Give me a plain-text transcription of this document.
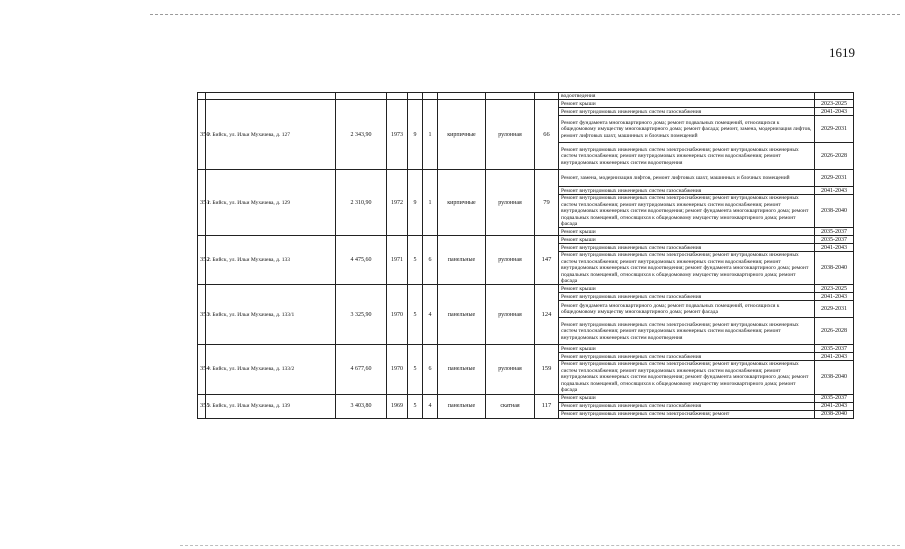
1619
									водоотведения	
350	г. Бийск, ул. Ильи Мухачева, д. 127	2 343,90	1973	9	1	кирпичные	рулонная	66	Ремонт крыши	2023-2025
									Ремонт внутридомовых инженерных систем газоснабжения	2041-2043
									Ремонт фундамента многоквартирного дома; ремонт подвальных помещений, относящихся к общедомовому имуществу многоквартирного дома; ремонт фасада; ремонт, замена, модернизация лифтов, ремонт лифтовых шахт, машинных и блочных помещений	2029-2031
									Ремонт внутридомовых инженерных систем электроснабжения; ремонт внутридомовых инженерных систем теплоснабжения; ремонт внутридомовых инженерных систем водоснабжения; ремонт внутридомовых инженерных систем водоотведения	2026-2028
351	г. Бийск, ул. Ильи Мухачева, д. 129	2 310,90	1972	9	1	кирпичные	рулонная	79	Ремонт, замена, модернизация лифтов, ремонт лифтовых шахт, машинных и блочных помещений	2029-2031
									Ремонт внутридомовых инженерных систем газоснабжения	2041-2043
									Ремонт внутридомовых инженерных систем электроснабжения; ремонт внутридомовых инженерных систем теплоснабжения; ремонт внутридомовых инженерных систем водоснабжения; ремонт внутридомовых инженерных систем водоотведения; ремонт фундамента многоквартирного дома; ремонт подвальных помещений, относящихся к общедомовому имуществу многоквартирного дома; ремонт фасада	2038-2040
									Ремонт крыши	2035-2037
352	г. Бийск, ул. Ильи Мухачева, д. 133	4 475,60	1971	5	6	панельные	рулонная	147	Ремонт крыши	2035-2037
									Ремонт внутридомовых инженерных систем газоснабжения	2041-2043
									Ремонт внутридомовых инженерных систем электроснабжения; ремонт внутридомовых инженерных систем теплоснабжения; ремонт внутридомовых инженерных систем водоснабжения; ремонт внутридомовых инженерных систем водоотведения; ремонт фундамента многоквартирного дома; ремонт подвальных помещений, относящихся к общедомовому имуществу многоквартирного дома; ремонт фасада	2038-2040
353	г. Бийск, ул. Ильи Мухачева, д. 133/1	3 325,90	1970	5	4	панельные	рулонная	124	Ремонт крыши	2023-2025
									Ремонт внутридомовых инженерных систем газоснабжения	2041-2043
									Ремонт фундамента многоквартирного дома; ремонт подвальных помещений, относящихся к общедомовому имуществу многоквартирного дома; ремонт фасада	2029-2031
									Ремонт внутридомовых инженерных систем электроснабжения; ремонт внутридомовых инженерных систем теплоснабжения; ремонт внутридомовых инженерных систем водоснабжения; ремонт внутридомовых инженерных систем водоотведения	2026-2028
354	г. Бийск, ул. Ильи Мухачева, д. 133/2	4 677,60	1970	5	6	панельные	рулонная	159	Ремонт крыши	2035-2037
									Ремонт внутридомовых инженерных систем газоснабжения	2041-2043
									Ремонт внутридомовых инженерных систем электроснабжения; ремонт внутридомовых инженерных систем теплоснабжения; ремонт внутридомовых инженерных систем водоснабжения; ремонт внутридомовых инженерных систем водоотведения; ремонт фундамента многоквартирного дома; ремонт подвальных помещений, относящихся к общедомовому имуществу многоквартирного дома; ремонт фасада	2038-2040
355	г. Бийск, ул. Ильи Мухачева, д. 139	3 403,80	1969	5	4	панельные	скатная	117	Ремонт крыши	2035-2037
									Ремонт внутридомовых инженерных систем газоснабжения	2041-2043
									Ремонт внутридомовых инженерных систем электроснабжения; ремонт	2038-2040
